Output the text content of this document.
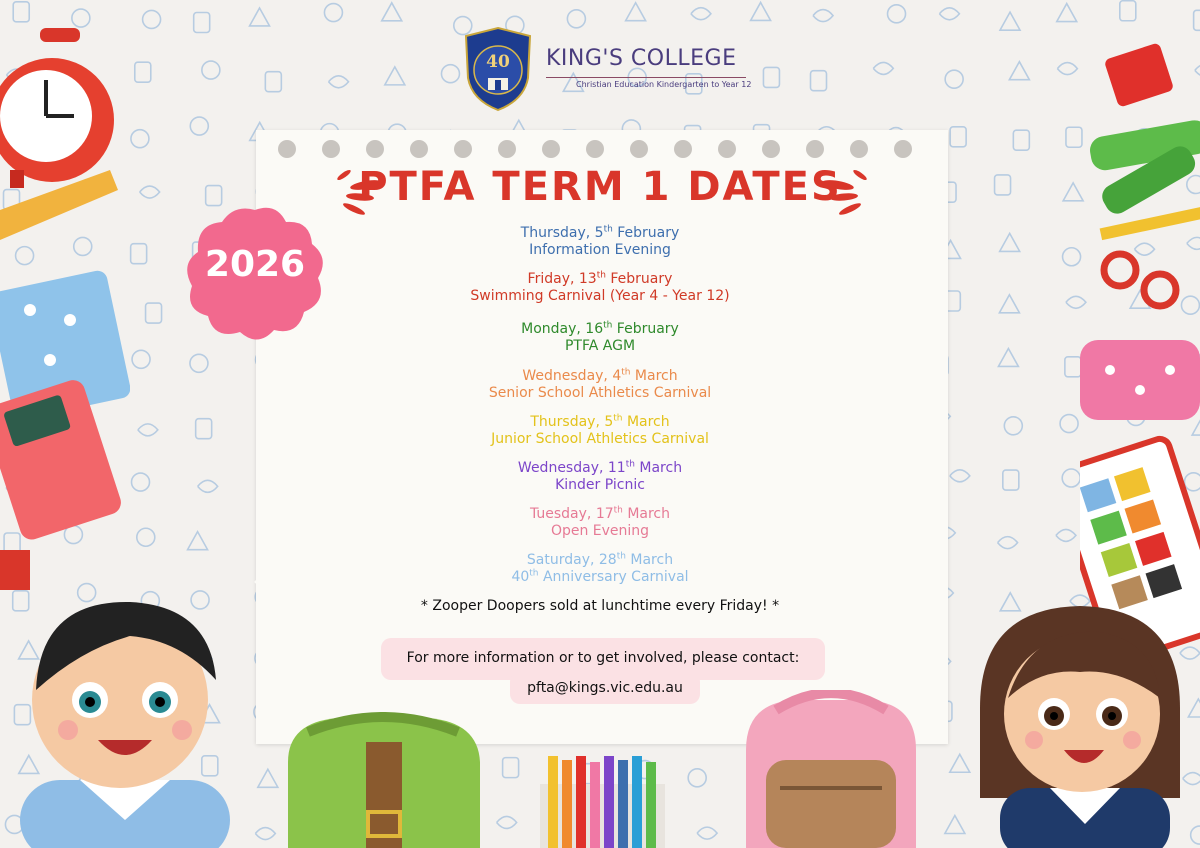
40 KING'S COLLEGE
Christian Education Kindergarten to Year 12
PTFA TERM 1 DATES
2026
Thursday, 5th February
Information Evening
Friday, 13th February
Swimming Carnival (Year 4 - Year 12)
Monday, 16th February
PTFA AGM
Wednesday, 4th March
Senior School Athletics Carnival
Thursday, 5th March
Junior School Athletics Carnival
Wednesday, 11th March
Kinder Picnic
Tuesday, 17th March
Open Evening
Saturday, 28th March
40th Anniversary Carnival
* Zooper Doopers sold at lunchtime every Friday! *
For more information or to get involved, please contact:
pfta@kings.vic.edu.au
